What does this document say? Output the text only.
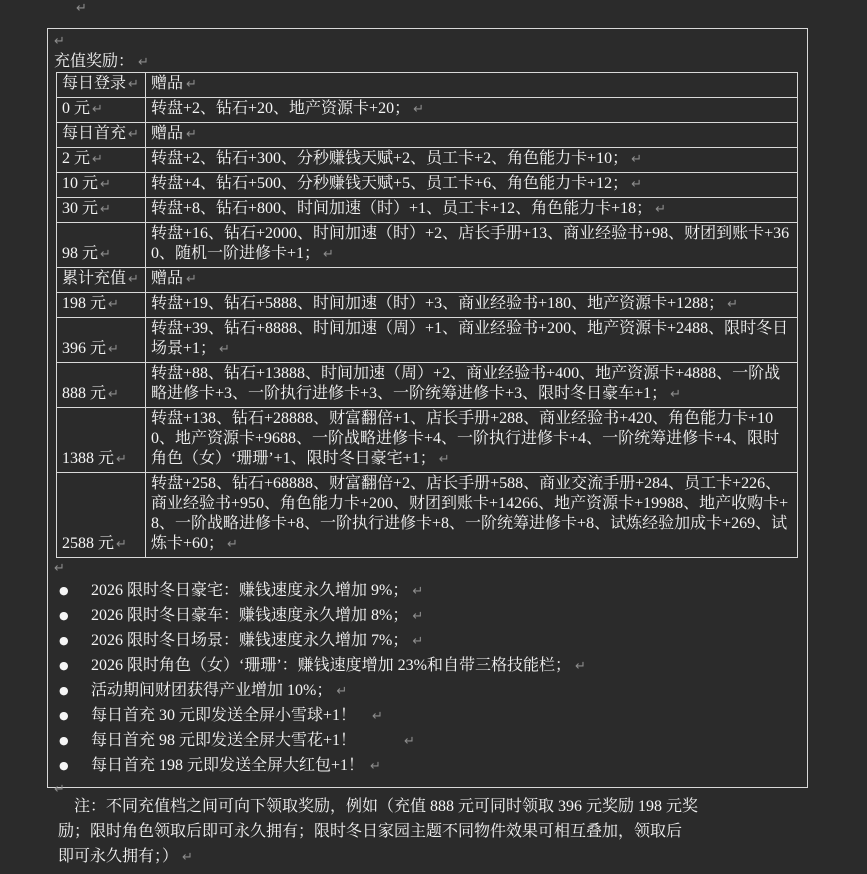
↵
↵
充值奖励： ↵
每日登录 ↵	赠品 ↵
0 元 ↵	转盘+2、钻石+20、地产资源卡+20； ↵
每日首充 ↵	赠品 ↵
2 元 ↵	转盘+2、钻石+300、分秒赚钱天赋+2、员工卡+2、角色能力卡+10； ↵
10 元 ↵	转盘+4、钻石+500、分秒赚钱天赋+5、员工卡+6、角色能力卡+12； ↵
30 元 ↵	转盘+8、钻石+800、时间加速（时）+1、员工卡+12、角色能力卡+18； ↵
98 元 ↵	转盘+16、钻石+2000、时间加速（时）+2、店长手册+13、商业经验书+98、财团到账卡+360、随机一阶进修卡+1； ↵
累计充值 ↵	赠品 ↵
198 元 ↵	转盘+19、钻石+5888、时间加速（时）+3、商业经验书+180、地产资源卡+1288； ↵
396 元 ↵	转盘+39、钻石+8888、时间加速（周）+1、商业经验书+200、地产资源卡+2488、限时冬日场景+1； ↵
888 元 ↵	转盘+88、钻石+13888、时间加速（周）+2、商业经验书+400、地产资源卡+4888、一阶战略进修卡+3、一阶执行进修卡+3、一阶统筹进修卡+3、限时冬日豪车+1； ↵
1388 元 ↵	转盘+138、钻石+28888、财富翻倍+1、店长手册+288、商业经验书+420、角色能力卡+100、地产资源卡+9688、一阶战略进修卡+4、一阶执行进修卡+4、一阶统筹进修卡+4、限时角色（女）‘珊珊’+1、限时冬日豪宅+1； ↵
2588 元 ↵	转盘+258、钻石+68888、财富翻倍+2、店长手册+588、商业交流手册+284、员工卡+226、商业经验书+950、角色能力卡+200、财团到账卡+14266、地产资源卡+19988、地产收购卡+8、一阶战略进修卡+8、一阶执行进修卡+8、一阶统筹进修卡+8、试炼经验加成卡+269、试炼卡+60； ↵
↵
● 2026 限时冬日豪宅：赚钱速度永久增加 9%； ↵
● 2026 限时冬日豪车：赚钱速度永久增加 8%； ↵
● 2026 限时冬日场景：赚钱速度永久增加 7%； ↵
● 2026 限时角色（女）‘珊珊’：赚钱速度增加 23%和自带三格技能栏； ↵
● 活动期间财团获得产业增加 10%； ↵
● 每日首充 30 元即发送全屏小雪球+1！ ↵
● 每日首充 98 元即发送全屏大雪花+1！	↵
● 每日首充 198 元即发送全屏大红包+1！ ↵
↵
注：不同充值档之间可向下领取奖励，例如（充值 888 元可同时领取 396 元奖励 198 元奖
励；限时角色领取后即可永久拥有；限时冬日家园主题不同物件效果可相互叠加，领取后
即可永久拥有；） ↵
